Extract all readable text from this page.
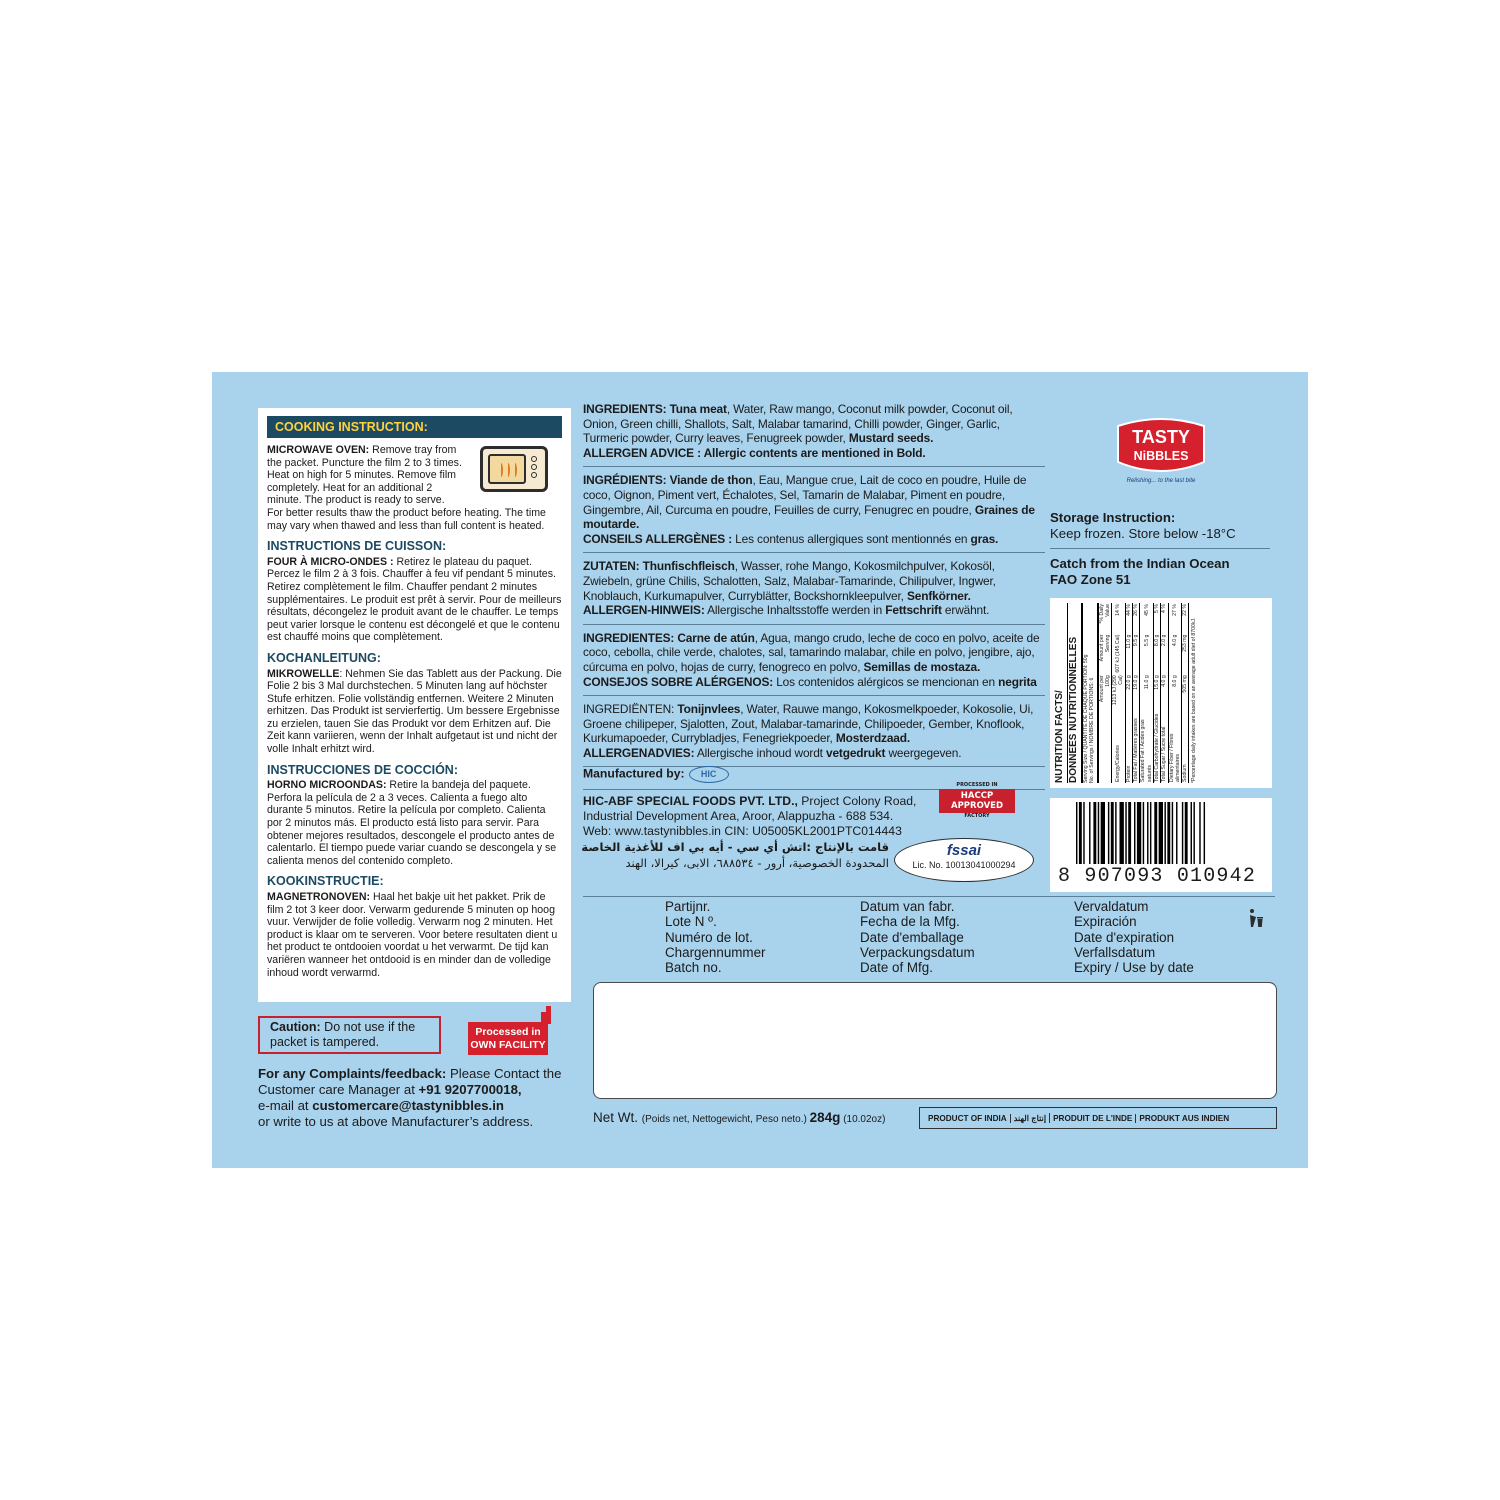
COOKING INSTRUCTION:

MICROWAVE OVEN: Remove tray from the packet. Puncture the film 2 to 3 times. Heat on high for 5 minutes. Remove film completely. Heat for an additional 2 minute. The product is ready to serve.

For better results thaw the product before heating. The time may vary when thawed and less than full content is heated.

INSTRUCTIONS DE CUISSON:

FOUR À MICRO-ONDES : Retirez le plateau du paquet. Percez le film 2 à 3 fois. Chauffer à feu vif pendant 5 minutes. Retirez complètement le film. Chauffer pendant 2 minutes supplémentaires. Le produit est prêt à servir. Pour de meilleurs résultats, décongelez le produit avant de le chauffer. Le temps peut varier lorsque le contenu est décongelé et que le contenu est chauffé moins que complètement.

KOCHANLEITUNG:

MIKROWELLE: Nehmen Sie das Tablett aus der Packung. Die Folie 2 bis 3 Mal durchstechen. 5 Minuten lang auf höchster Stufe erhitzen. Folie vollständig entfernen. Weitere 2 Minuten erhitzen. Das Produkt ist servierfertig. Um bessere Ergebnisse zu erzielen, tauen Sie das Produkt vor dem Erhitzen auf. Die Zeit kann variieren, wenn der Inhalt aufgetaut ist und nicht der volle Inhalt erhitzt wird.

INSTRUCCIONES DE COCCIÓN:

HORNO MICROONDAS: Retire la bandeja del paquete. Perfora la película de 2 a 3 veces. Calienta a fuego alto durante 5 minutos. Retire la película por completo. Calienta por 2 minutos más. El producto está listo para servir. Para obtener mejores resultados, descongele el producto antes de calentarlo. El tiempo puede variar cuando se descongela y se calienta menos del contenido completo.

KOOKINSTRUCTIE:

MAGNETRONOVEN: Haal het bakje uit het pakket. Prik de film 2 tot 3 keer door. Verwarm gedurende 5 minuten op hoog vuur. Verwijder de folie volledig. Verwarm nog 2 minuten. Het product is klaar om te serveren. Voor betere resultaten dient u het product te ontdooien voordat u het verwarmt. De tijd kan variëren wanneer het ontdooid is en minder dan de volledige inhoud wordt verwarmd.

Caution: Do not use if the packet is tampered.
Processed in
OWN FACILITY
For any Complaints/feedback: Please Contact the Customer care Manager at +91 9207700018,
e-mail at customercare@tastynibbles.in
or write to us at above Manufacturer’s address.
INGREDIENTS: Tuna meat, Water, Raw mango, Coconut milk powder, Coconut oil, Onion, Green chilli, Shallots, Salt, Malabar tamarind, Chilli powder, Ginger, Garlic, Turmeric powder, Curry leaves, Fenugreek powder, Mustard seeds.
ALLERGEN ADVICE : Allergic contents are mentioned in Bold.
INGRÉDIENTS: Viande de thon, Eau, Mangue crue, Lait de coco en poudre, Huile de coco, Oignon, Piment vert, Échalotes, Sel, Tamarin de Malabar, Piment en poudre, Gingembre, Ail, Curcuma en poudre, Feuilles de curry, Fenugrec en poudre, Graines de moutarde.
CONSEILS ALLERGÈNES : Les contenus allergiques sont mentionnés en gras.
ZUTATEN: Thunfischfleisch, Wasser, rohe Mango, Kokosmilchpulver, Kokosöl, Zwiebeln, grüne Chilis, Schalotten, Salz, Malabar-Tamarinde, Chilipulver, Ingwer, Knoblauch, Kurkumapulver, Curryblätter, Bockshornkleepulver, Senfkörner.
ALLERGEN-HINWEIS: Allergische Inhaltsstoffe werden in Fettschrift erwähnt.
INGREDIENTES: Carne de atún, Agua, mango crudo, leche de coco en polvo, aceite de coco, cebolla, chile verde, chalotes, sal, tamarindo malabar, chile en polvo, jengibre, ajo, cúrcuma en polvo, hojas de curry, fenogreco en polvo, Semillas de mostaza.
CONSEJOS SOBRE ALÉRGENOS: Los contenidos alérgicos se mencionan en negrita
INGREDIËNTEN: Tonijnvlees, Water, Rauwe mango, Kokosmelkpoeder, Kokosolie, Ui, Groene chilipeper, Sjalotten, Zout, Malabar-tamarinde, Chilipoeder, Gember, Knoflook, Kurkumapoeder, Currybladjes, Fenegriekpoeder, Mosterdzaad.
ALLERGENADVIES: Allergische inhoud wordt vetgedrukt weergegeven.
Manufactured by: HIC
HIC-ABF SPECIAL FOODS PVT. LTD., Project Colony Road,
Industrial Development Area, Aroor, Alappuzha - 688 534.
Web: www.tastynibbles.in CIN: U05005KL2001PTC014443
PROCESSED IN
HACCP APPROVED
FACTORY
قامت بالإنتاج :اتش أي سي - أيه بي اف للأغذية الخاصة
المحدودة الخصوصية، أرور - ٦٨٨٥٣٤، الابى، كيرالا، الهند
fssai
Lic. No. 10013041000294
TASTY
NiBBLES
Relishing... to the last bite
Storage Instruction:
Keep frozen. Store below -18°C
Catch from the Indian Ocean
FAO Zone 51
NUTRITION FACTS/ DONNEES NUTRITIONNELLES Serving Size / QUANTITE DE CHAQUE PORTION: 50g No. of Servings / NOMBRE DE PORTIONS: 6
	Amount per 100g	Amount per Serving	*% Daily Value
Energy/Calories	1213 kJ (290 Cal)	607 kJ (145 Cal)	14 %
Protein	22.0 g	11.0 g	44 %
Total Fat / Matières grasses	19.0 g	9.5 g	26 %
Saturated Fat / Acides gras saturés	11.0 g	5.5 g	45 %
Total Carbohydrate / Glucides	15.0 g	8.0 g	5 %
Total Sugar / Sucre total	4.0 g	2.0 g	4 %
Dietary Fiber / Fibres alimentaires	8.0 g	4.0 g	27 %
Sodium	505 mg	253 mg	22 %
*Percentage daily intakes are based on an average adult diet of 8700kJ.
8 907093 010942
Partijnr.
Lote N º.
Numéro de lot.
Chargennummer
Batch no.
Datum van fabr.
Fecha de la Mfg.
Date d'emballage
Verpackungsdatum
Date of Mfg.
Vervaldatum
Expiración
Date d'expiration
Verfallsdatum
Expiry / Use by date
Net Wt. (Poids net, Nettogewicht, Peso neto.) 284g (10.02oz)	PRODUCT OF INDIA إنتاج الهند PRODUIT DE L'INDE PRODUKT AUS INDIEN
